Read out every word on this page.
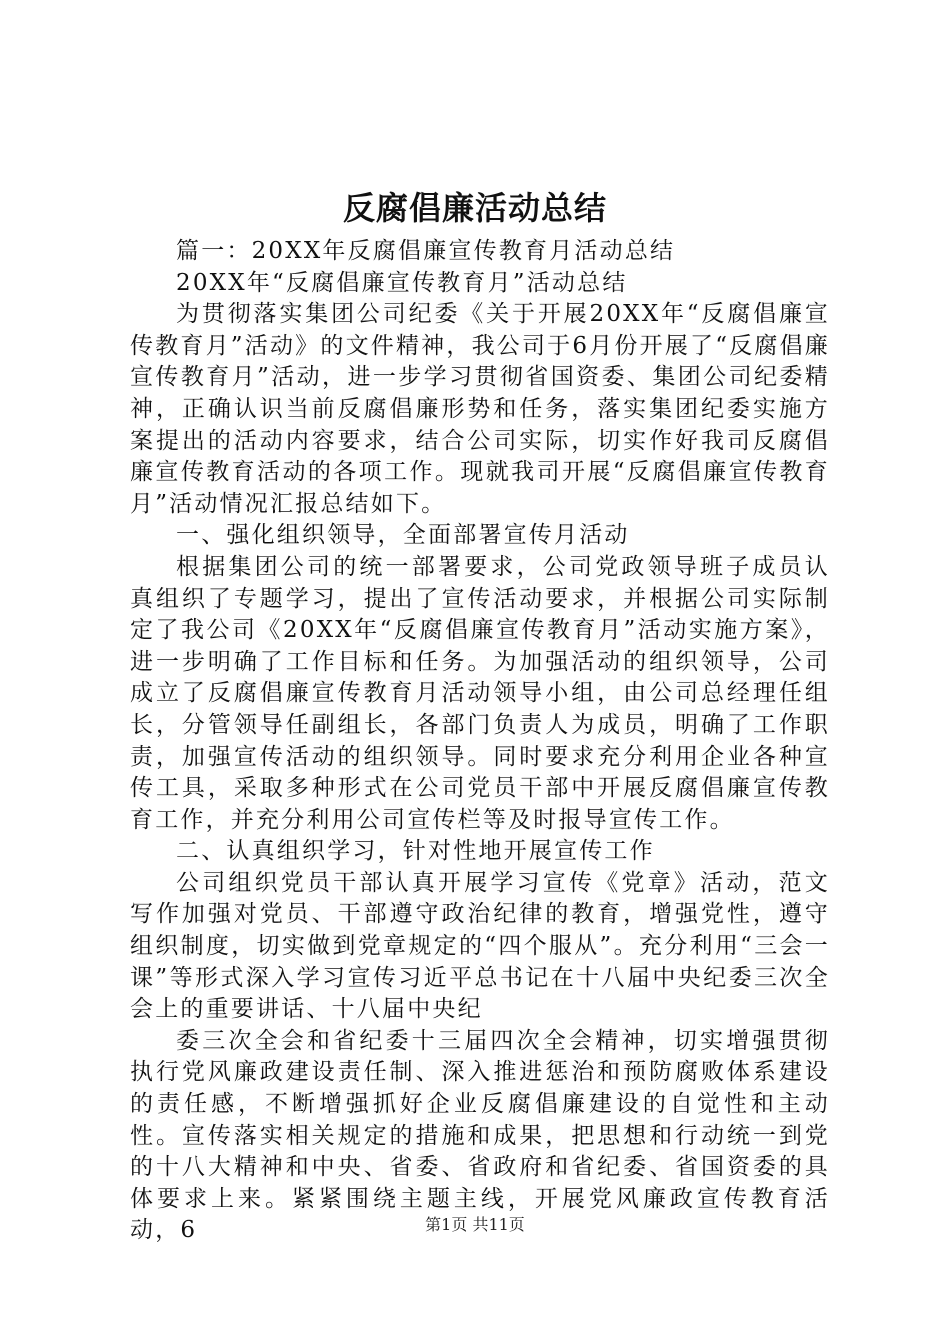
反腐倡廉活动总结

篇一：20XX年反腐倡廉宣传教育月活动总结

20XX年“反腐倡廉宣传教育月”活动总结

为贯彻落实集团公司纪委《关于开展20XX年“反腐倡廉宣传教育月”活动》的文件精神，我公司于6月份开展了“反腐倡廉宣传教育月”活动，进一步学习贯彻省国资委、集团公司纪委精神，正确认识当前反腐倡廉形势和任务，落实集团纪委实施方案提出的活动内容要求，结合公司实际，切实作好我司反腐倡廉宣传教育活动的各项工作。现就我司开展“反腐倡廉宣传教育月”活动情况汇报总结如下。

一、强化组织领导，全面部署宣传月活动

根据集团公司的统一部署要求，公司党政领导班子成员认真组织了专题学习，提出了宣传活动要求，并根据公司实际制定了我公司《20XX年“反腐倡廉宣传教育月”活动实施方案》，进一步明确了工作目标和任务。为加强活动的组织领导，公司成立了反腐倡廉宣传教育月活动领导小组，由公司总经理任组长，分管领导任副组长，各部门负责人为成员，明确了工作职责，加强宣传活动的组织领导。同时要求充分利用企业各种宣传工具，采取多种形式在公司党员干部中开展反腐倡廉宣传教育工作，并充分利用公司宣传栏等及时报导宣传工作。

二、认真组织学习，针对性地开展宣传工作

公司组织党员干部认真开展学习宣传《党章》活动，范文写作加强对党员、干部遵守政治纪律的教育，增强党性，遵守组织制度，切实做到党章规定的“四个服从”。充分利用“三会一课”等形式深入学习宣传习近平总书记在十八届中央纪委三次全会上的重要讲话、十八届中央纪

委三次全会和省纪委十三届四次全会精神，切实增强贯彻执行党风廉政建设责任制、深入推进惩治和预防腐败体系建设的责任感，不断增强抓好企业反腐倡廉建设的自觉性和主动性。宣传落实相关规定的措施和成果，把思想和行动统一到党的十八大精神和中央、省委、省政府和省纪委、省国资委的具体要求上来。紧紧围绕主题主线，开展党风廉政宣传教育活动，6	第1页 共11页
